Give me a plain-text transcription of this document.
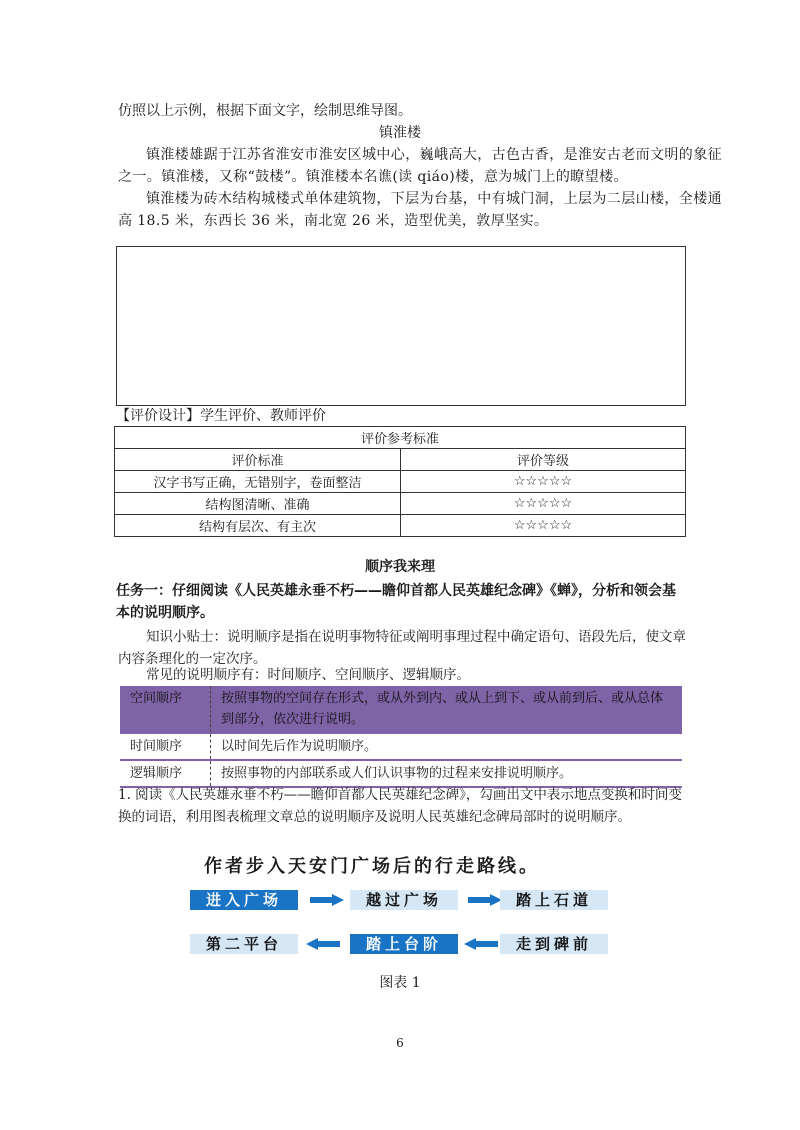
仿照以上示例，根据下面文字，绘制思维导图。
镇淮楼
镇淮楼雄踞于江苏省淮安市淮安区城中心，巍峨高大，古色古香，是淮安古老而文明的象征
之一。镇淮楼，又称“鼓楼”。镇淮楼本名谯(读 qiáo)楼，意为城门上的瞭望楼。
镇淮楼为砖木结构城楼式单体建筑物，下层为台基，中有城门洞，上层为二层山楼，全楼通
高 18.5 米，东西长 36 米，南北宽 26 米，造型优美，敦厚坚实。
【评价设计】学生评价、教师评价
评价参考标准	
评价标准	评价等级
汉字书写正确，无错别字，卷面整洁	☆☆☆☆☆
结构图清晰、准确	☆☆☆☆☆
结构有层次、有主次	☆☆☆☆☆
顺序我来理
任务一：仔细阅读《人民英雄永垂不朽——瞻仰首都人民英雄纪念碑》《蝉》，分析和领会基
本的说明顺序。
知识小贴士：说明顺序是指在说明事物特征或阐明事理过程中确定语句、语段先后，使文章
内容条理化的一定次序。
常见的说明顺序有：时间顺序、空间顺序、逻辑顺序。
空间顺序	按照事物的空间存在形式，或从外到内、或从上到下、或从前到后、或从总体
到部分，依次进行说明。

时间顺序	以时间先后作为说明顺序。
逻辑顺序	按照事物的内部联系或人们认识事物的过程来安排说明顺序。
1. 阅读《人民英雄永垂不朽——瞻仰首都人民英雄纪念碑》，勾画出文中表示地点变换和时间变
换的词语，利用图表梳理文章总的说明顺序及说明人民英雄纪念碑局部时的说明顺序。
作者步入天安门广场后的行走路线。
进入广场	越过广场	踏上石道
第二平台	踏上台阶	走到碑前
图表 1
6
